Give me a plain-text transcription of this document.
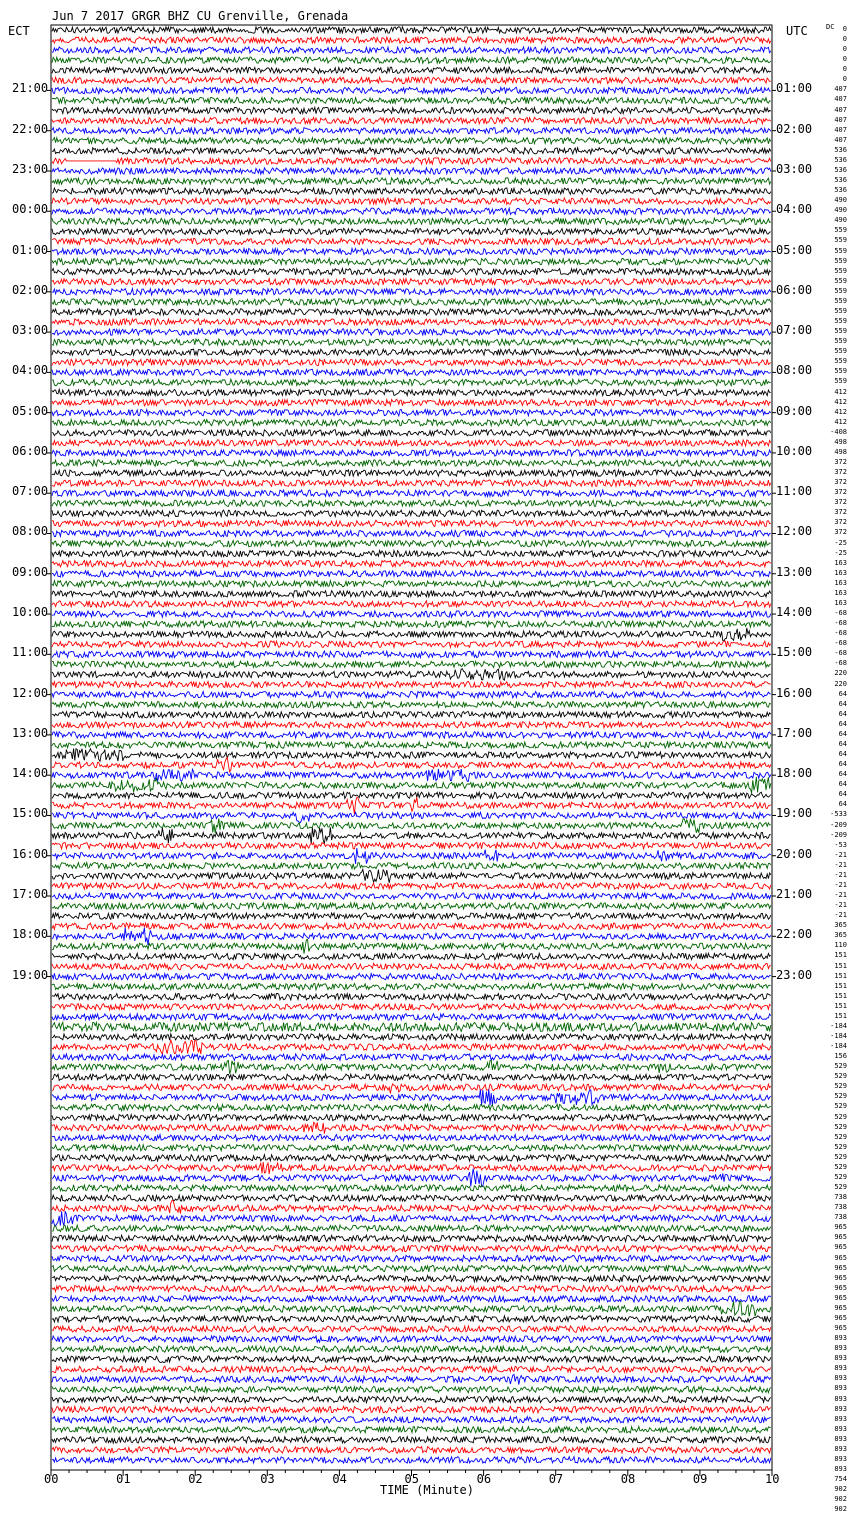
Jun 7 2017 GRGR BHZ CU Grenville, Grenada
ECT	UTC	DC
00	01	02	03	04	05	06	07	08	09	10
21:00	01:00
22:00	02:00
23:00	03:00
00:00	04:00
01:00	05:00
02:00	06:00
03:00	07:00
04:00	08:00
05:00	09:00
06:00	10:00
07:00	11:00
08:00	12:00
09:00	13:00
10:00	14:00
11:00	15:00
12:00	16:00
13:00	17:00
14:00	18:00
15:00	19:00
16:00	20:00
17:00	21:00
18:00	22:00
19:00	23:00
0
0
0
0
0
0
407
407
407
407
407
407
536
536
536
536
536
490
490
490
559
559
559
559
559
559
559
559
559
559
559
559
559
559
559
559
412
412
412
412
-408
498
498
372
372
372
372
372
372
372
372
-25
-25
163
163
163
163
163
-68
-68
-68
-68
-68
-68
220
220
64
64
64
64
64
64
64
64
64
64
64
64
-533
-209
-209
-53
-21
-21
-21
-21
-21
-21
-21
365
365
110
151
151
151
151
151
151
151
-184
-184
-184
156
529
529
529
529
529
529
529
529
529
529
529
529
529
738
738
738
965
965
965
965
965
965
965
965
965
965
965
893
893
893
893
893
893
893
893
893
893
893
893
893
893
754
902
902
902
TIME (Minute)
